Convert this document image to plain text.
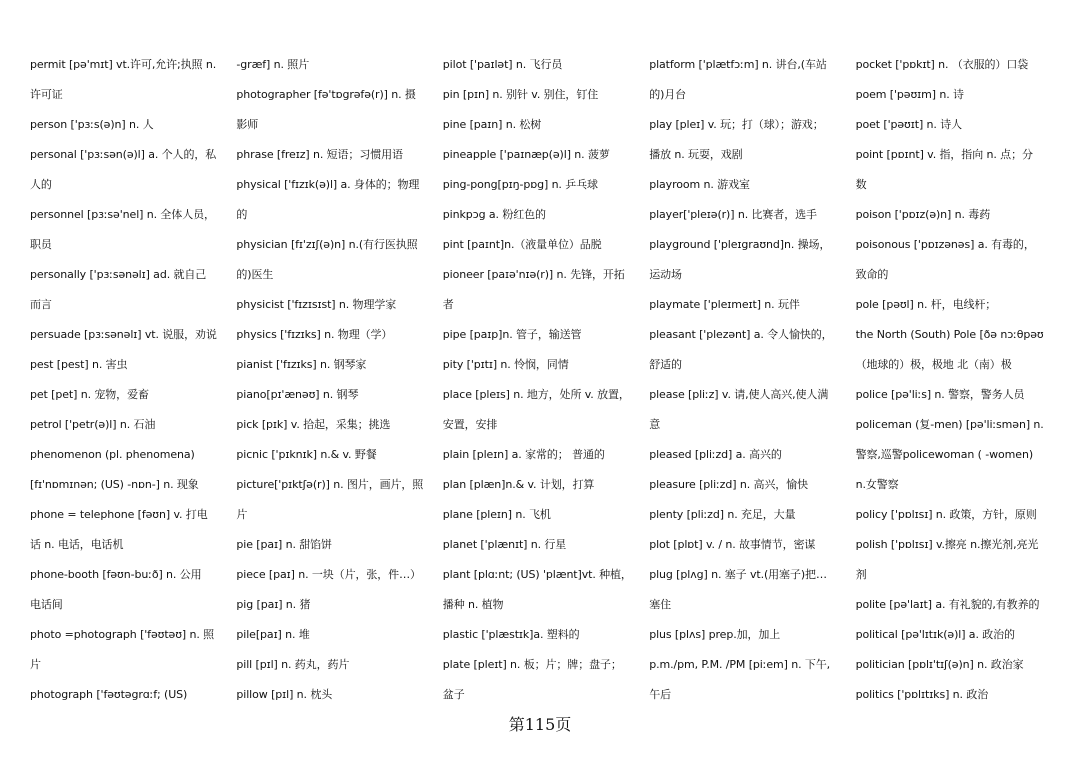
permit [pə'mɪt] vt.许可,允许;执照 n.
许可证
person ['pɜːs(ə)n] n. 人
personal ['pɜːsən(ə)l] a. 个人的，私
人的
personnel [pɜːsə'nel] n. 全体人员，
职员
personally ['pɜːsənəlɪ] ad. 就自己
而言
persuade [pɜːsənəlɪ] vt. 说服，劝说
pest [pest] n. 害虫
pet [pet] n. 宠物，爱畜
petrol ['petr(ə)l] n. 石油
phenomenon (pl. phenomena)
[fɪ'nɒmɪnən; (US) -nɒn-] n. 现象
phone = telephone [fəʊn] v. 打电
话 n. 电话，电话机
phone-booth [fəʊn-buːð] n. 公用
电话间
photo =photograph ['fəʊtəʊ] n. 照
片
photograph ['fəʊtəgrɑːf; (US)
-græf] n. 照片
photographer [fə'tɒgrəfə(r)] n. 摄
影师
phrase [freɪz] n. 短语；习惯用语
physical ['fɪzɪk(ə)l] a. 身体的；物理
的
physician [fɪ'zɪʃ(ə)n] n.(有行医执照
的)医生
physicist ['fɪzɪsɪst] n. 物理学家
physics ['fɪzɪks] n. 物理（学）
pianist ['fɪzɪks] n. 钢琴家
piano[pɪ'ænəʊ] n. 钢琴
pick [pɪk] v. 拾起，采集；挑选
picnic ['pɪknɪk] n.& v. 野餐
picture['pɪktʃə(r)] n. 图片，画片，照
片
pie [paɪ] n. 甜馅饼
piece [paɪ] n. 一块（片，张，件…）
pig [paɪ] n. 猪
pile[paɪ] n. 堆
pill [pɪl] n. 药丸，药片
pillow [pɪl] n. 枕头
pilot ['paɪlət] n. 飞行员
pin [pɪn] n. 别针 v. 别住，钉住
pine [paɪn] n. 松树
pineapple ['paɪnæp(ə)l] n. 菠萝
ping-pong[pɪŋ-pɒg] n. 乒乓球
pinkpɔg a. 粉红色的
pint [paɪnt]n.（液量单位）品脱
pioneer [paɪə'nɪə(r)] n. 先锋，开拓
者
pipe [paɪp]n. 管子，输送管
pity ['pɪtɪ] n. 怜悯，同情
place [pleɪs] n. 地方，处所 v. 放置，
安置，安排
plain [pleɪn] a. 家常的； 普通的
plan [plæn]n.& v. 计划，打算
plane [pleɪn] n. 飞机
planet ['plænɪt] n. 行星
plant [plɑːnt; (US) 'plænt]vt. 种植，
播种 n. 植物
plastic ['plæstɪk]a. 塑料的
plate [pleɪt] n. 板；片；牌；盘子；
盆子
platform ['plætfɔːm] n. 讲台,(车站
的)月台
play [pleɪ] v. 玩；打（球）；游戏；
播放 n. 玩耍，戏剧
playroom n. 游戏室
player['pleɪə(r)] n. 比赛者，选手
playground ['pleɪgraʊnd]n. 操场，
运动场
playmate ['pleɪmeɪt] n. 玩伴
pleasant ['plezənt] a. 令人愉快的，
舒适的
please [pliːz] v. 请,使人高兴,使人满
意
pleased [pliːzd] a. 高兴的
pleasure [pliːzd] n. 高兴，愉快
plenty [pliːzd] n. 充足，大量
plot [plɒt] v. / n. 故事情节，密谋
plug [plʌg] n. 塞子 vt.(用塞子)把…
塞住
plus [plʌs] prep.加，加上
p.m./pm, P.M. /PM [piːem] n. 下午,
午后
pocket ['pɒkɪt] n. （衣服的）口袋
poem ['pəʊɪm] n. 诗
poet ['pəʊɪt] n. 诗人
point [pɒɪnt] v. 指，指向 n. 点；分
数
poison ['pɒɪz(ə)n] n. 毒药
poisonous ['pɒɪzənəs] a. 有毒的，
致命的
pole [pəʊl] n. 杆，电线杆；
the North (South) Pole [ðə nɔːθpəʊ
（地球的）极，极地 北（南）极
police [pə'liːs] n. 警察，警务人员
policeman (复-men) [pə'liːsmən] n.
警察,巡警policewoman ( -women)
n.女警察
policy ['pɒlɪsɪ] n. 政策，方针，原则
polish ['pɒlɪsɪ] v.擦亮 n.擦光剂,亮光
剂
polite [pə'laɪt] a. 有礼貌的,有教养的
political [pə'lɪtɪk(ə)l] a. 政治的
politician [pɒlɪ'tɪʃ(ə)n] n. 政治家
politics ['pɒlɪtɪks] n. 政治
第115页
